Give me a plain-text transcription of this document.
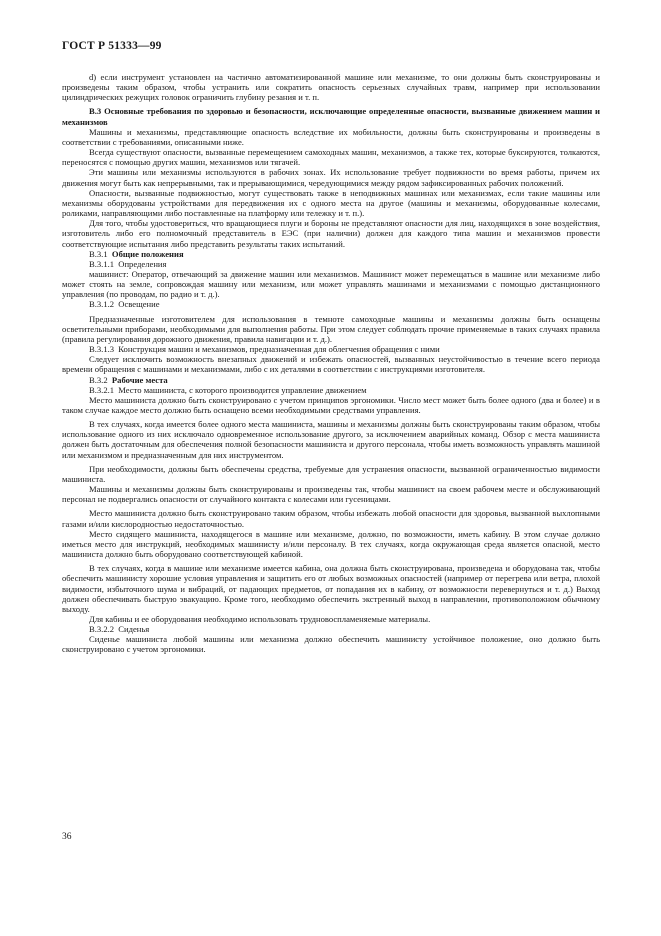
ГОСТ Р 51333—99

d) если инструмент установлен на частично автоматизированной машине или механизме, то они должны быть сконструированы и произведены таким образом, чтобы устранить или сократить опасность серьезных случайных травм, например при использовании цилиндрических режущих головок ограничить глубину резания и т. п.

В.3 Основные требования по здоровью и безопасности, исключающие определенные опасности, вызванные движением машин и механизмов

Машины и механизмы, представляющие опасность вследствие их мобильности, должны быть сконструированы и произведены в соответствии с требованиями, описанными ниже.

Всегда существуют опасности, вызванные перемещением самоходных машин, механизмов, а также тех, которые буксируются, толкаются, переносятся с помощью других машин, механизмов или тягачей.

Эти машины или механизмы используются в рабочих зонах. Их использование требует подвижности во время работы, причем их движения могут быть как непрерывными, так и прерывающимися, чередующимися между рядом зафиксированных рабочих положений.

Опасности, вызванные подвижностью, могут существовать также в неподвижных машинах или механизмах, если такие машины или механизмы оборудованы устройствами для передвижения их с одного места на другое (машины и механизмы, оборудованные колесами, роликами, направляющими либо поставленные на платформу или тележку и т. п.).

Для того, чтобы удостовериться, что вращающиеся плуги и бороны не представляют опасности для лиц, находящихся в зоне воздействия, изготовитель либо его полномочный представитель в ЕЭС (при наличии) должен для каждого типа машин и механизмов провести соответствующие испытания либо представить результаты таких испытаний.

В.3.1 Общие положения

В.3.1.1 Определения

машинист: Оператор, отвечающий за движение машин или механизмов. Машинист может перемещаться в машине или механизме либо может стоять на земле, сопровождая машину или механизм, или может управлять машинами и механизмами с помощью дистанционного управления (по проводам, по радио и т. д.).

В.3.1.2 Освещение

Предназначенные изготовителем для использования в темноте самоходные машины и механизмы должны быть оснащены осветительными приборами, необходимыми для выполнения работы. При этом следует соблюдать прочие применяемые в таких случаях правила (правила регулирования дорожного движения, правила навигации и т. д.).

В.3.1.3 Конструкция машин и механизмов, предназначенная для облегчения обращения с ними

Следует исключить возможность внезапных движений и избежать опасностей, вызванных неустойчивостью в течение всего периода времени обращения с машинами и механизмами, либо с их деталями в соответствии с инструкциями изготовителя.

В.3.2 Рабочие места

В.3.2.1 Место машиниста, с которого производится управление движением

Место машиниста должно быть сконструировано с учетом принципов эргономики. Число мест может быть более одного (два и более) и в таком случае каждое место должно быть оснащено всеми необходимыми средствами управления.

В тех случаях, когда имеется более одного места машиниста, машины и механизмы должны быть сконструированы таким образом, чтобы использование одного из них исключало одновременное использование другого, за исключением аварийных команд. Обзор с места машиниста должен быть достаточным для обеспечения полной безопасности машиниста и другого персонала, чтобы иметь возможность управлять машиной или механизмом и предназначенным для них инструментом.

При необходимости, должны быть обеспечены средства, требуемые для устранения опасности, вызванной ограниченностью видимости машиниста.

Машины и механизмы должны быть сконструированы и произведены так, чтобы машинист на своем рабочем месте и обслуживающий персонал не подвергались опасности от случайного контакта с колесами или гусеницами.

Место машиниста должно быть сконструировано таким образом, чтобы избежать любой опасности для здоровья, вызванной выхлопными газами и/или кислородностью недостаточностью.

Место сидящего машиниста, находящегося в машине или механизме, должно, по возможности, иметь кабину. В этом случае должно иметься место для инструкций, необходимых машинисту и/или персоналу. В тех случаях, когда окружающая среда является опасной, место машиниста должно быть оборудовано соответствующей кабиной.

В тех случаях, когда в машине или механизме имеется кабина, она должна быть сконструирована, произведена и оборудована так, чтобы обеспечить машинисту хорошие условия управления и защитить его от любых возможных опасностей (например от перегрева или ветра, плохой видимости, избыточного шума и вибраций, от падающих предметов, от попадания их в кабину, от возможности перевернуться и т. д.) Выход должен обеспечивать быструю эвакуацию. Кроме того, необходимо обеспечить экстренный выход в направлении, противоположном обычному выходу.

Для кабины и ее оборудования необходимо использовать трудновоспламеняемые материалы.

В.3.2.2 Сиденья

Сиденье машиниста любой машины или механизма должно обеспечить машинисту устойчивое положение, оно должно быть сконструировано с учетом эргономики.

36
